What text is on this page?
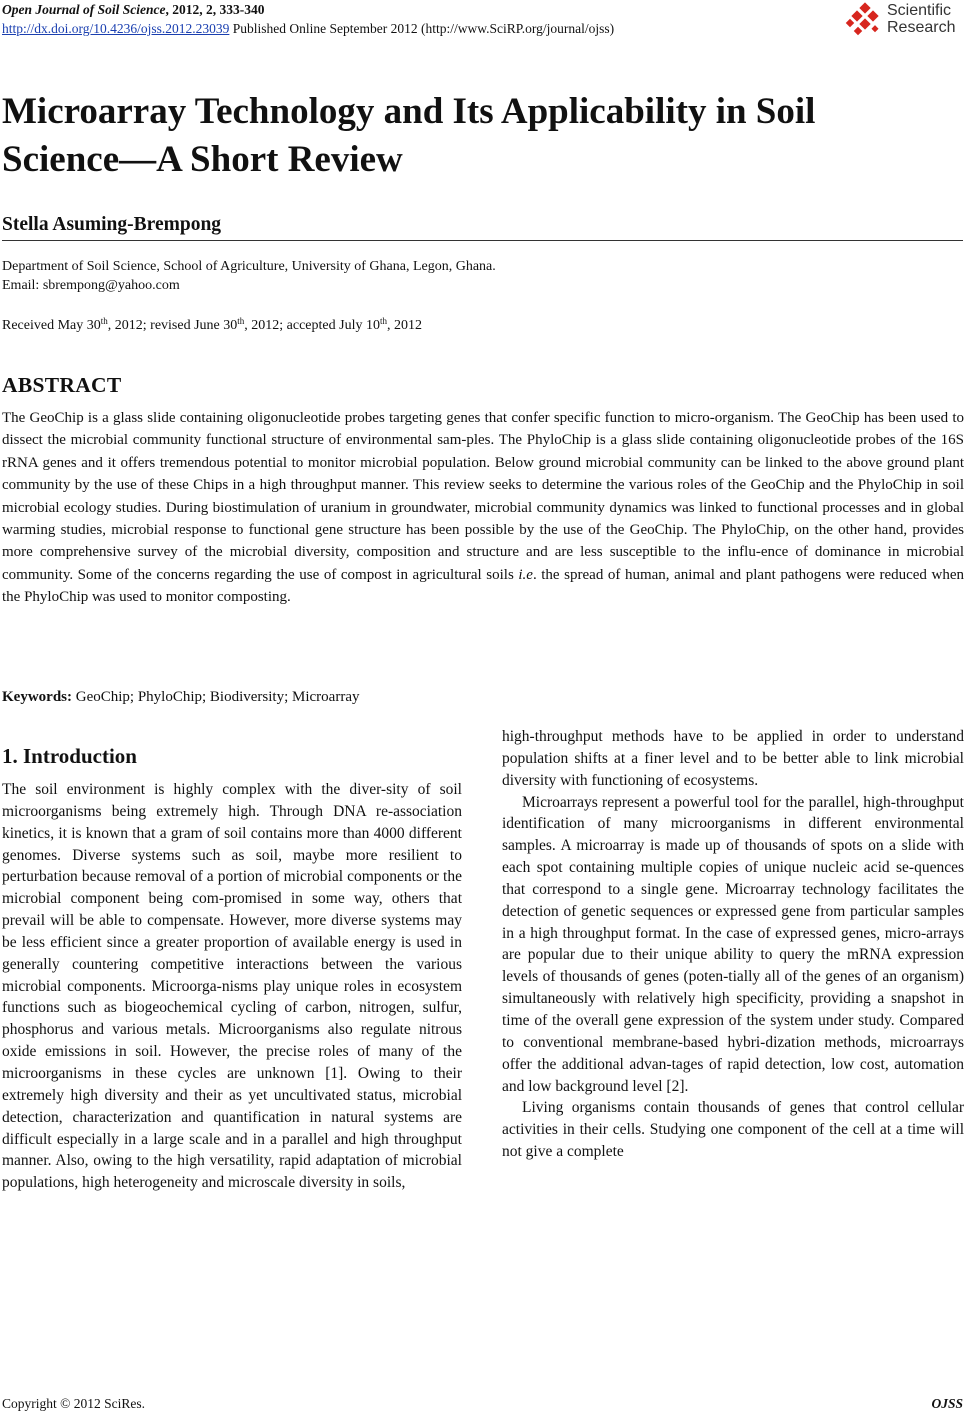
Open Journal of Soil Science, 2012, 2, 333-340
http://dx.doi.org/10.4236/ojss.2012.23039 Published Online September 2012 (http://www.SciRP.org/journal/ojss)
Scientific
Research
Microarray Technology and Its Applicability in Soil
Science—A Short Review
Stella Asuming-Brempong
Department of Soil Science, School of Agriculture, University of Ghana, Legon, Ghana.
Email: sbrempong@yahoo.com
Received May 30th, 2012; revised June 30th, 2012; accepted July 10th, 2012
ABSTRACT
The GeoChip is a glass slide containing oligonucleotide probes targeting genes that confer specific function to micro-organism. The GeoChip has been used to dissect the microbial community functional structure of environmental sam-ples. The PhyloChip is a glass slide containing oligonucleotide probes of the 16S rRNA genes and it offers tremendous potential to monitor microbial population. Below ground microbial community can be linked to the above ground plant community by the use of these Chips in a high throughput manner. This review seeks to determine the various roles of the GeoChip and the PhyloChip in soil microbial ecology studies. During biostimulation of uranium in groundwater, microbial community dynamics was linked to functional processes and in global warming studies, microbial response to functional gene structure has been possible by the use of the GeoChip. The PhyloChip, on the other hand, provides more comprehensive survey of the microbial diversity, composition and structure and are less susceptible to the influ-ence of dominance in microbial community. Some of the concerns regarding the use of compost in agricultural soils i.e. the spread of human, animal and plant pathogens were reduced when the PhyloChip was used to monitor composting.
Keywords: GeoChip; PhyloChip; Biodiversity; Microarray
1. Introduction

The soil environment is highly complex with the diver-sity of soil microorganisms being extremely high. Through DNA re-association kinetics, it is known that a gram of soil contains more than 4000 different genomes. Diverse systems such as soil, maybe more resilient to perturbation because removal of a portion of microbial components or the microbial component being com-promised in some way, others that prevail will be able to compensate. However, more diverse systems may be less efficient since a greater proportion of available energy is used in generally countering competitive interactions between the various microbial components. Microorga-nisms play unique roles in ecosystem functions such as biogeochemical cycling of carbon, nitrogen, sulfur, phosphorus and various metals. Microorganisms also regulate nitrous oxide emissions in soil. However, the precise roles of many of the microorganisms in these cycles are unknown [1]. Owing to their extremely high diversity and their as yet uncultivated status, microbial detection, characterization and quantification in natural systems are difficult especially in a large scale and in a parallel and high throughput manner. Also, owing to the high versatility, rapid adaptation of microbial populations, high heterogeneity and microscale diversity in soils,

high-throughput methods have to be applied in order to understand population shifts at a finer level and to be better able to link microbial diversity with functioning of ecosystems.

Microarrays represent a powerful tool for the parallel, high-throughput identification of many microorganisms in different environmental samples. A microarray is made up of thousands of spots on a slide with each spot containing multiple copies of unique nucleic acid se-quences that correspond to a single gene. Microarray technology facilitates the detection of genetic sequences or expressed gene from particular samples in a high throughput format. In the case of expressed genes, micro-arrays are popular due to their unique ability to query the mRNA expression levels of thousands of genes (poten-tially all of the genes of an organism) simultaneously with relatively high specificity, providing a snapshot in time of the overall gene expression of the system under study. Compared to conventional membrane-based hybri-dization methods, microarrays offer the additional advan-tages of rapid detection, low cost, automation and low background level [2].

Living organisms contain thousands of genes that control cellular activities in their cells. Studying one component of the cell at a time will not give a complete

Copyright © 2012 SciRes.	OJSS
